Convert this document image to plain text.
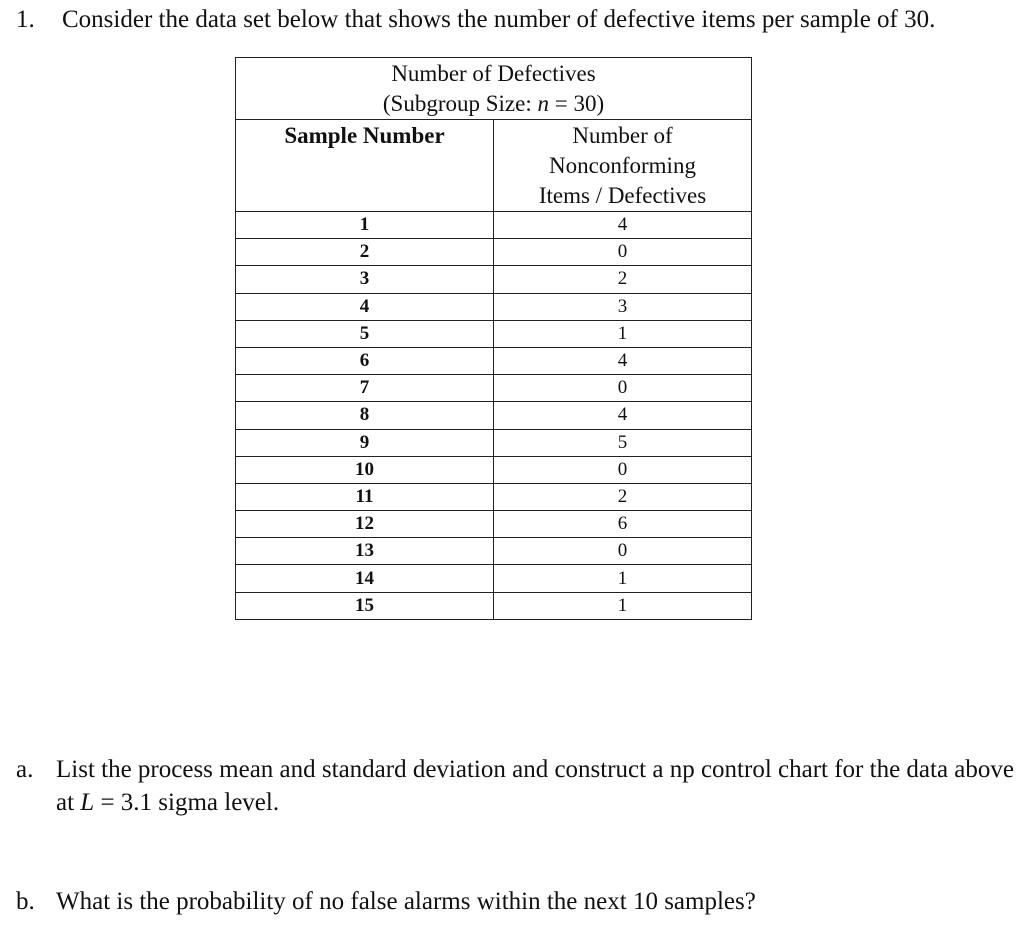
1. Consider the data set below that shows the number of defective items per sample of 30.
Number of Defectives
(Subgroup Size: n = 30)	

Sample Number	Number of
Nonconforming
Items / Defectives

1	4
2	0
3	2
4	3
5	1
6	4
7	0
8	4
9	5
10	0
11	2
12	6
13	0
14	1
15	1
a. List the process mean and standard deviation and construct a np control chart for the data above at L = 3.1 sigma level.
b. What is the probability of no false alarms within the next 10 samples?
